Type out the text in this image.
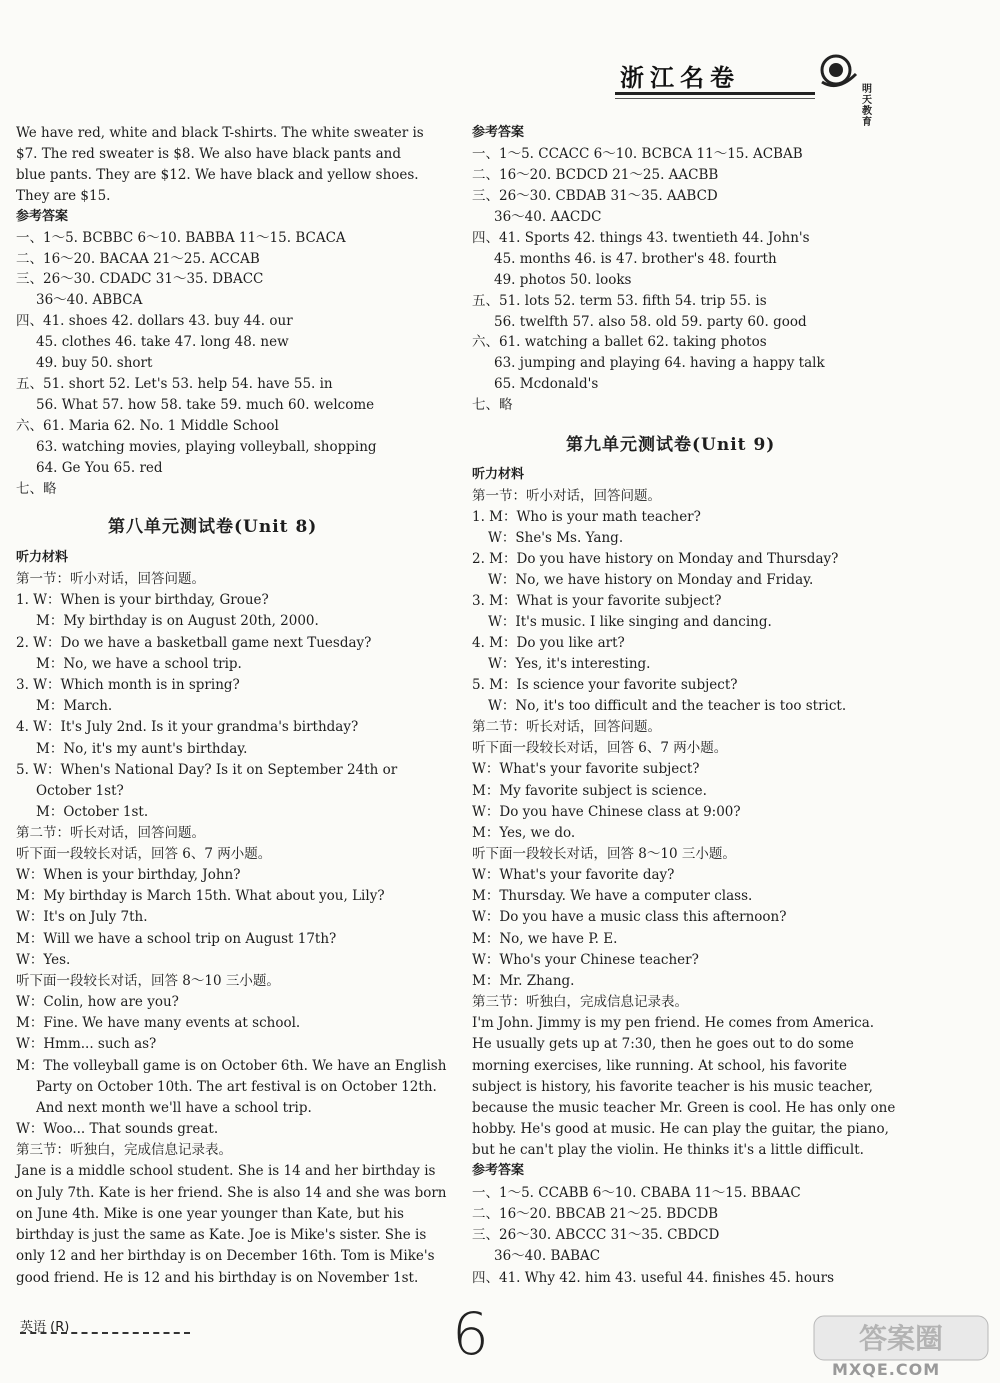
浙江名卷	明天教育
We have red, white and black T-shirts. The white sweater is
$7. The red sweater is $8. We also have black pants and
blue pants. They are $12. We have black and yellow shoes.
They are $15.
参考答案
一、1～5. BCBBC 6～10. BABBA 11～15. BCACA
二、16～20. BACAA 21～25. ACCAB
三、26～30. CDADC 31～35. DBACC
36～40. ABBCA
四、41. shoes 42. dollars 43. buy 44. our
45. clothes 46. take 47. long 48. new
49. buy 50. short
五、51. short 52. Let's 53. help 54. have 55. in
56. What 57. how 58. take 59. much 60. welcome
六、61. Maria 62. No. 1 Middle School
63. watching movies, playing volleyball, shopping
64. Ge You 65. red
七、略
第八单元测试卷(Unit 8)
听力材料
第一节：听小对话，回答问题。
1. W：When is your birthday, Groue?
M：My birthday is on August 20th, 2000.
2. W：Do we have a basketball game next Tuesday?
M：No, we have a school trip.
3. W：Which month is in spring?
M：March.
4. W：It's July 2nd. Is it your grandma's birthday?
M：No, it's my aunt's birthday.
5. W：When's National Day? Is it on September 24th or
October 1st?
M：October 1st.
第二节：听长对话，回答问题。
听下面一段较长对话，回答 6、7 两小题。
W：When is your birthday, John?
M：My birthday is March 15th. What about you, Lily?
W：It's on July 7th.
M：Will we have a school trip on August 17th?
W：Yes.
听下面一段较长对话，回答 8～10 三小题。
W：Colin, how are you?
M：Fine. We have many events at school.
W：Hmm... such as?
M：The volleyball game is on October 6th. We have an English
Party on October 10th. The art festival is on October 12th.
And next month we'll have a school trip.
W：Woo... That sounds great.
第三节：听独白，完成信息记录表。
Jane is a middle school student. She is 14 and her birthday is
on July 7th. Kate is her friend. She is also 14 and she was born
on June 4th. Mike is one year younger than Kate, but his
birthday is just the same as Kate. Joe is Mike's sister. She is
only 12 and her birthday is on December 16th. Tom is Mike's
good friend. He is 12 and his birthday is on November 1st.
参考答案
一、1～5. CCACC 6～10. BCBCA 11～15. ACBAB
二、16～20. BCDCD 21～25. AACBB
三、26～30. CBDAB 31～35. AABCD
36～40. AACDC
四、41. Sports 42. things 43. twentieth 44. John's
45. months 46. is 47. brother's 48. fourth
49. photos 50. looks
五、51. lots 52. term 53. fifth 54. trip 55. is
56. twelfth 57. also 58. old 59. party 60. good
六、61. watching a ballet 62. taking photos
63. jumping and playing 64. having a happy talk
65. Mcdonald's
七、略
第九单元测试卷(Unit 9)
听力材料
第一节：听小对话，回答问题。
1. M：Who is your math teacher?
W：She's Ms. Yang.
2. M：Do you have history on Monday and Thursday?
W：No, we have history on Monday and Friday.
3. M：What is your favorite subject?
W：It's music. I like singing and dancing.
4. M：Do you like art?
W：Yes, it's interesting.
5. M：Is science your favorite subject?
W：No, it's too difficult and the teacher is too strict.
第二节：听长对话，回答问题。
听下面一段较长对话，回答 6、7 两小题。
W：What's your favorite subject?
M：My favorite subject is science.
W：Do you have Chinese class at 9:00?
M：Yes, we do.
听下面一段较长对话，回答 8～10 三小题。
W：What's your favorite day?
M：Thursday. We have a computer class.
W：Do you have a music class this afternoon?
M：No, we have P. E.
W：Who's your Chinese teacher?
M：Mr. Zhang.
第三节：听独白，完成信息记录表。
I'm John. Jimmy is my pen friend. He comes from America.
He usually gets up at 7:30, then he goes out to do some
morning exercises, like running. At school, his favorite
subject is history, his favorite teacher is his music teacher,
because the music teacher Mr. Green is cool. He has only one
hobby. He's good at music. He can play the guitar, the piano,
but he can't play the violin. He thinks it's a little difficult.
参考答案
一、1～5. CCABB 6～10. CBABA 11～15. BBAAC
二、16～20. BBCAB 21～25. BDCDB
三、26～30. ABCCC 31～35. CBDCD
36～40. BABAC
四、41. Why 42. him 43. useful 44. finishes 45. hours
英语 (R)	6	答案圈
MXQE.COM
